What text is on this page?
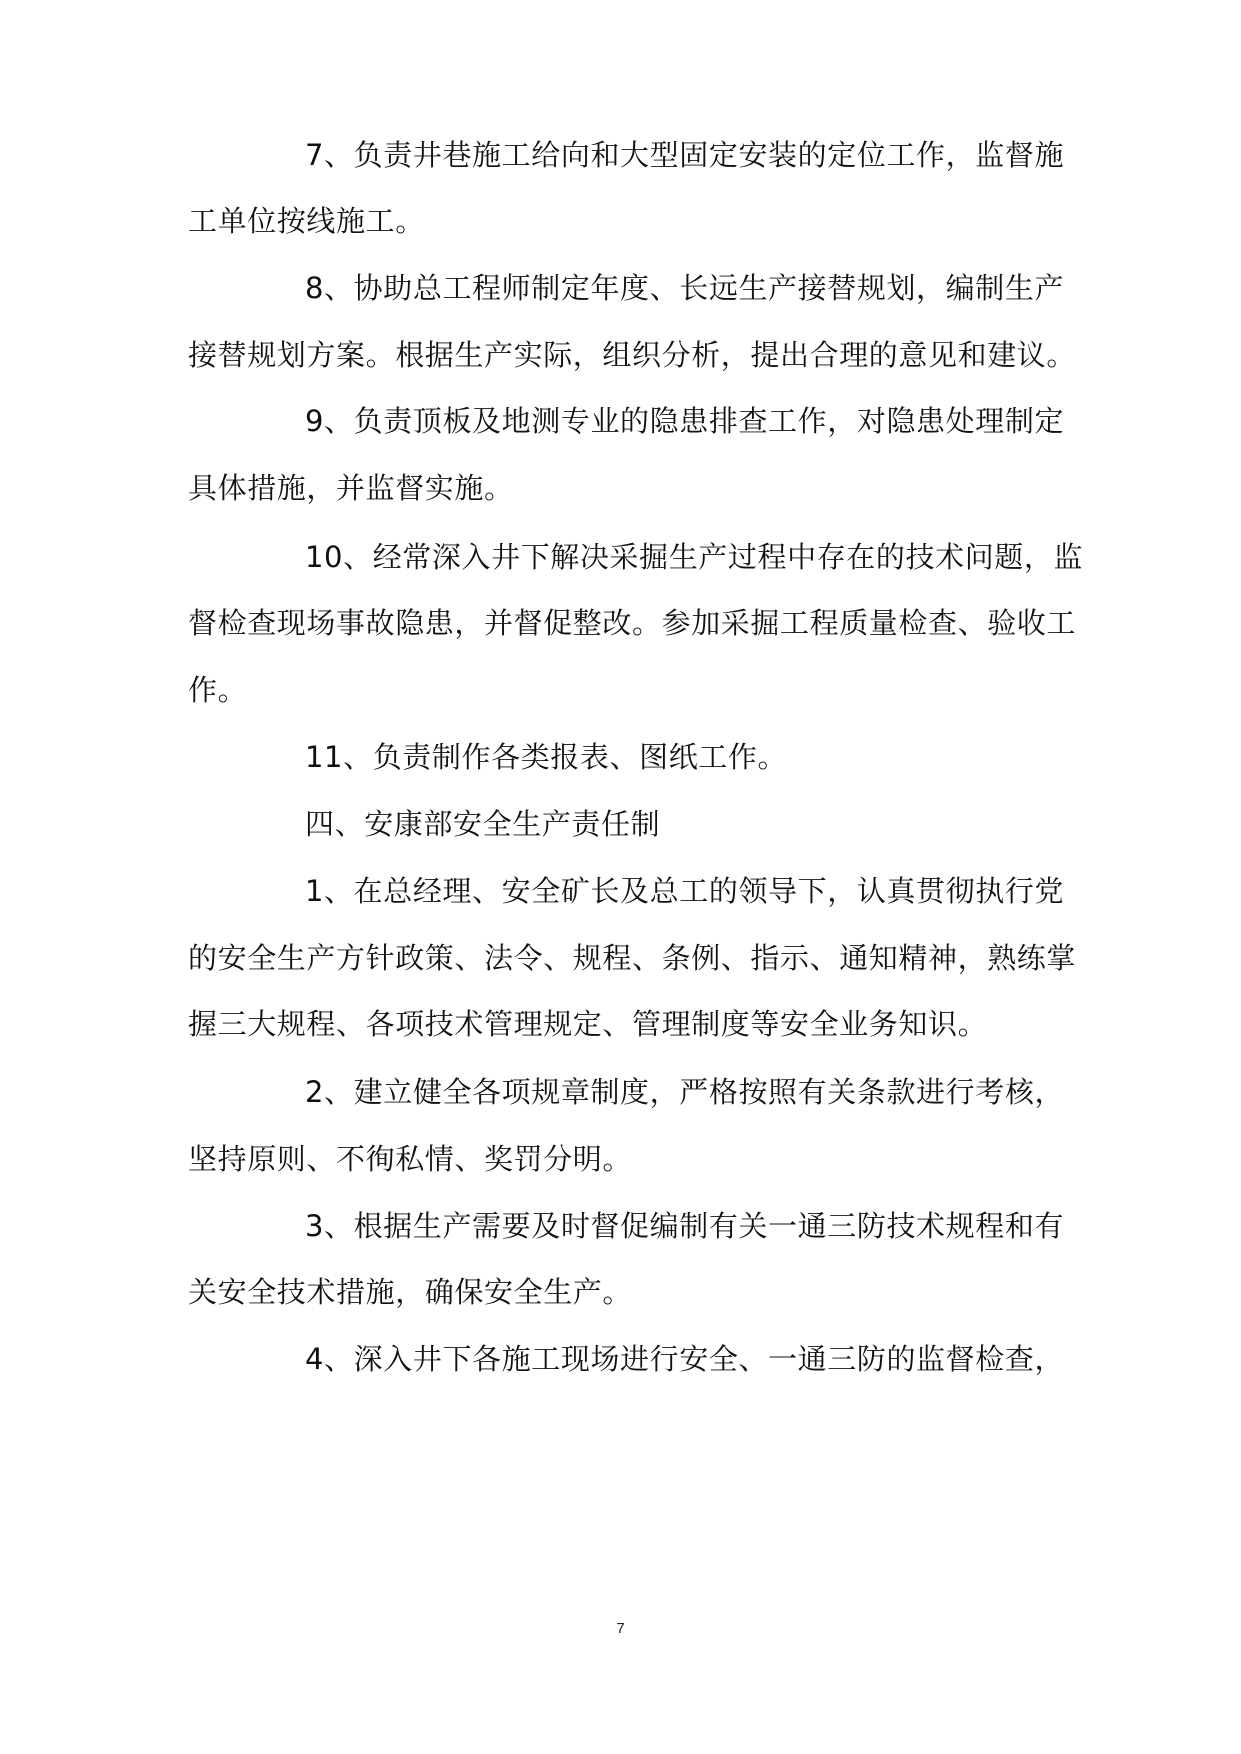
7、负责井巷施工给向和大型固定安装的定位工作，监督施
工单位按线施工。
8、协助总工程师制定年度、长远生产接替规划，编制生产
接替规划方案。根据生产实际，组织分析，提出合理的意见和建议。
9、负责顶板及地测专业的隐患排查工作，对隐患处理制定
具体措施，并监督实施。
10、经常深入井下解决采掘生产过程中存在的技术问题，监
督检查现场事故隐患，并督促整改。参加采掘工程质量检查、验收工
作。
11、负责制作各类报表、图纸工作。
四、安康部安全生产责任制
1、在总经理、安全矿长及总工的领导下，认真贯彻执行党
的安全生产方针政策、法令、规程、条例、指示、通知精神，熟练掌
握三大规程、各项技术管理规定、管理制度等安全业务知识。
2、建立健全各项规章制度，严格按照有关条款进行考核，
坚持原则、不徇私情、奖罚分明。
3、根据生产需要及时督促编制有关一通三防技术规程和有
关安全技术措施，确保安全生产。
4、深入井下各施工现场进行安全、一通三防的监督检查，
7
